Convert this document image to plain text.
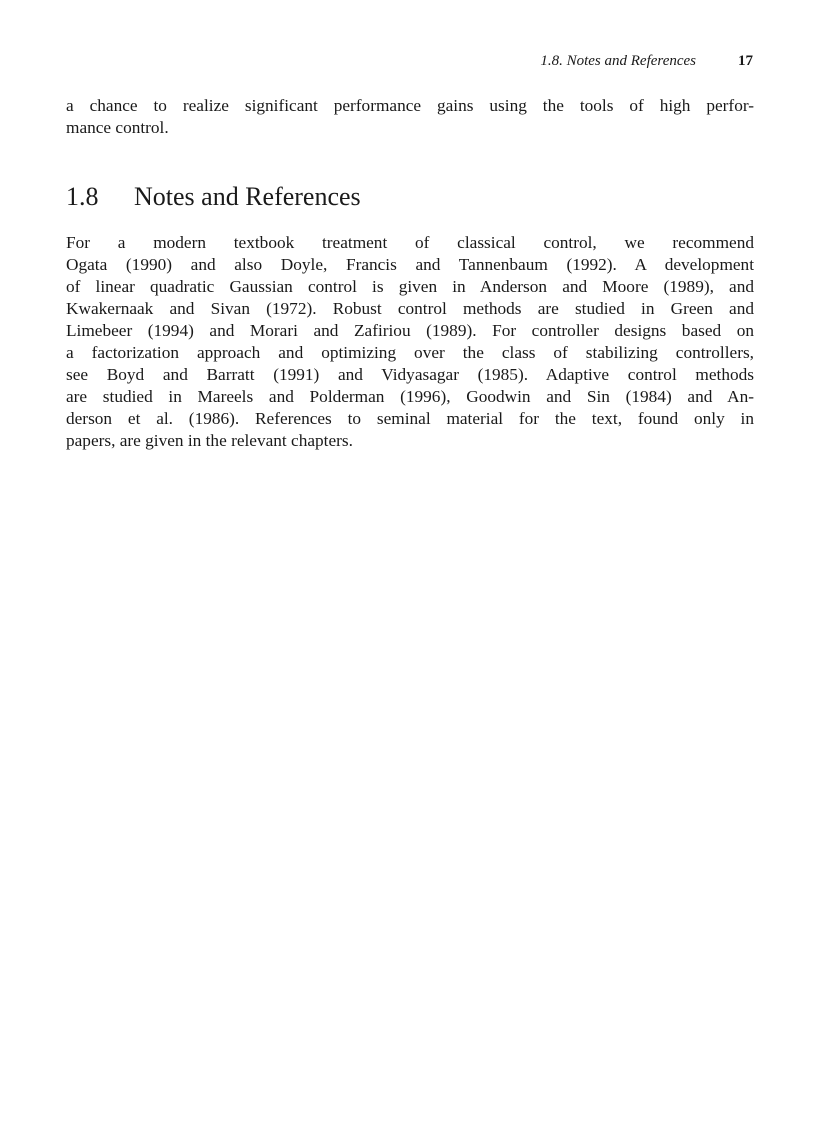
1.8. Notes and References	17

a chance to realize significant performance gains using the tools of high perfor-
mance control.

1.8 Notes and References

For a modern textbook treatment of classical control, we recommend
Ogata (1990) and also Doyle, Francis and Tannenbaum (1992). A development
of linear quadratic Gaussian control is given in Anderson and Moore (1989), and
Kwakernaak and Sivan (1972). Robust control methods are studied in Green and
Limebeer (1994) and Morari and Zafiriou (1989). For controller designs based on
a factorization approach and optimizing over the class of stabilizing controllers,
see Boyd and Barratt (1991) and Vidyasagar (1985). Adaptive control methods
are studied in Mareels and Polderman (1996), Goodwin and Sin (1984) and An-
derson et al. (1986). References to seminal material for the text, found only in
papers, are given in the relevant chapters.
